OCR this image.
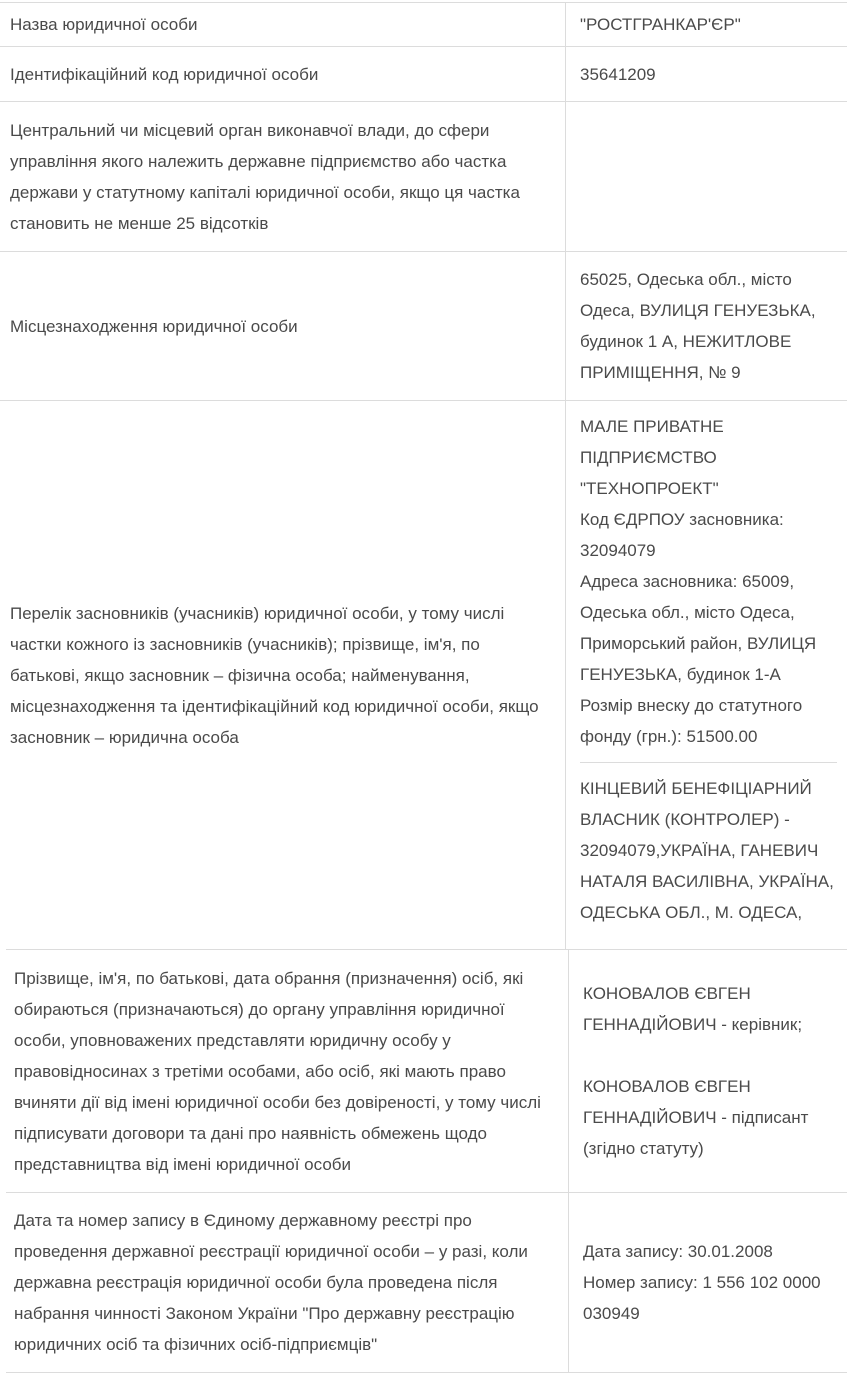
Назва юридичної особи	"РОСТГРАНКАР'ЄР"
Ідентифікаційний код юридичної особи	35641209
Центральний чи місцевий орган виконавчої влади, до сфери управління якого належить державне підприємство або частка держави у статутному капіталі юридичної особи, якщо ця частка становить не менше 25 відсотків
Місцезнаходження юридичної особи
65025, Одеська обл., місто Одеса, ВУЛИЦЯ ГЕНУЕЗЬКА, будинок 1 А, НЕЖИТЛОВЕ ПРИМІЩЕННЯ, № 9
Перелік засновників (учасників) юридичної особи, у тому числі частки кожного із засновників (учасників); прізвище, ім'я, по батькові, якщо засновник – фізична особа; найменування, місцезнаходження та ідентифікаційний код юридичної особи, якщо засновник – юридична особа
МАЛЕ ПРИВАТНЕ
ПІДПРИЄМСТВО
"ТЕХНОПРОЕКТ"
Код ЄДРПОУ засновника:
32094079
Адреса засновника: 65009,
Одеська обл., місто Одеса,
Приморський район, ВУЛИЦЯ
ГЕНУЕЗЬКА, будинок 1-А
Розмір внеску до статутного
фонду (грн.): 51500.00
КІНЦЕВИЙ БЕНЕФІЦІАРНИЙ
ВЛАСНИК (КОНТРОЛЕР) -
32094079,УКРАЇНА, ГАНЕВИЧ
НАТАЛЯ ВАСИЛІВНА, УКРАЇНА,
ОДЕСЬКА ОБЛ., М. ОДЕСА,
Прізвище, ім'я, по батькові, дата обрання (призначення) осіб, які обираються (призначаються) до органу управління юридичної особи, уповноважених представляти юридичну особу у правовідносинах з третіми особами, або осіб, які мають право вчиняти дії від імені юридичної особи без довіреності, у тому числі підписувати договори та дані про наявність обмежень щодо представництва від імені юридичної особи
КОНОВАЛОВ ЄВГЕН
ГЕННАДІЙОВИЧ - керівник;

КОНОВАЛОВ ЄВГЕН
ГЕННАДІЙОВИЧ - підписант
(згідно статуту)
Дата та номер запису в Єдиному державному реєстрі про проведення державної реєстрації юридичної особи – у разі, коли державна реєстрація юридичної особи була проведена після набрання чинності Законом України "Про державну реєстрацію юридичних осіб та фізичних осіб-підприємців"
Дата запису: 30.01.2008
Номер запису: 1 556 102 0000
030949
